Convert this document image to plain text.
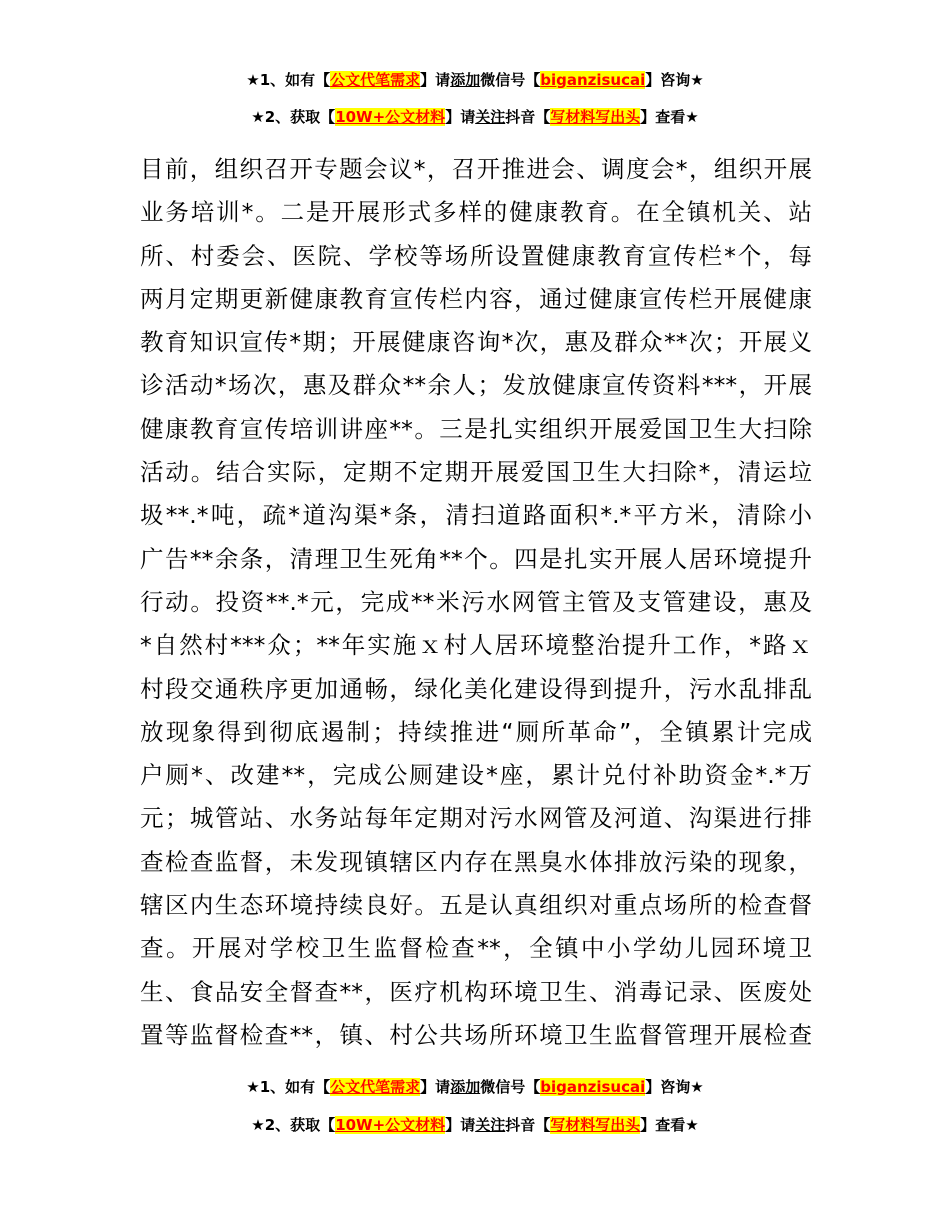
★1、如有【公文代笔需求】请添加微信号【biganzisucai】咨询★
★2、获取【10W+公文材料】请关注抖音【写材料写出头】查看★
目前，组织召开专题会议*，召开推进会、调度会*，组织开展
业务培训*。二是开展形式多样的健康教育。在全镇机关、站
所、村委会、医院、学校等场所设置健康教育宣传栏*个，每
两月定期更新健康教育宣传栏内容，通过健康宣传栏开展健康
教育知识宣传*期；开展健康咨询*次，惠及群众**次；开展义
诊活动*场次，惠及群众**余人；发放健康宣传资料***，开展
健康教育宣传培训讲座**。三是扎实组织开展爱国卫生大扫除
活动。结合实际，定期不定期开展爱国卫生大扫除*，清运垃
圾**.*吨，疏*道沟渠*条，清扫道路面积*.*平方米，清除小
广告**余条，清理卫生死角**个。四是扎实开展人居环境提升
行动。投资**.*元，完成**米污水网管主管及支管建设，惠及
*自然村***众；**年实施ｘ村人居环境整治提升工作，*路ｘ
村段交通秩序更加通畅，绿化美化建设得到提升，污水乱排乱
放现象得到彻底遏制；持续推进“厕所革命”，全镇累计完成
户厕*、改建**，完成公厕建设*座，累计兑付补助资金*.*万
元；城管站、水务站每年定期对污水网管及河道、沟渠进行排
查检查监督，未发现镇辖区内存在黑臭水体排放污染的现象，
辖区内生态环境持续良好。五是认真组织对重点场所的检查督
查。开展对学校卫生监督检查**，全镇中小学幼儿园环境卫
生、食品安全督查**，医疗机构环境卫生、消毒记录、医废处
置等监督检查**，镇、村公共场所环境卫生监督管理开展检查
★1、如有【公文代笔需求】请添加微信号【biganzisucai】咨询★
★2、获取【10W+公文材料】请关注抖音【写材料写出头】查看★
